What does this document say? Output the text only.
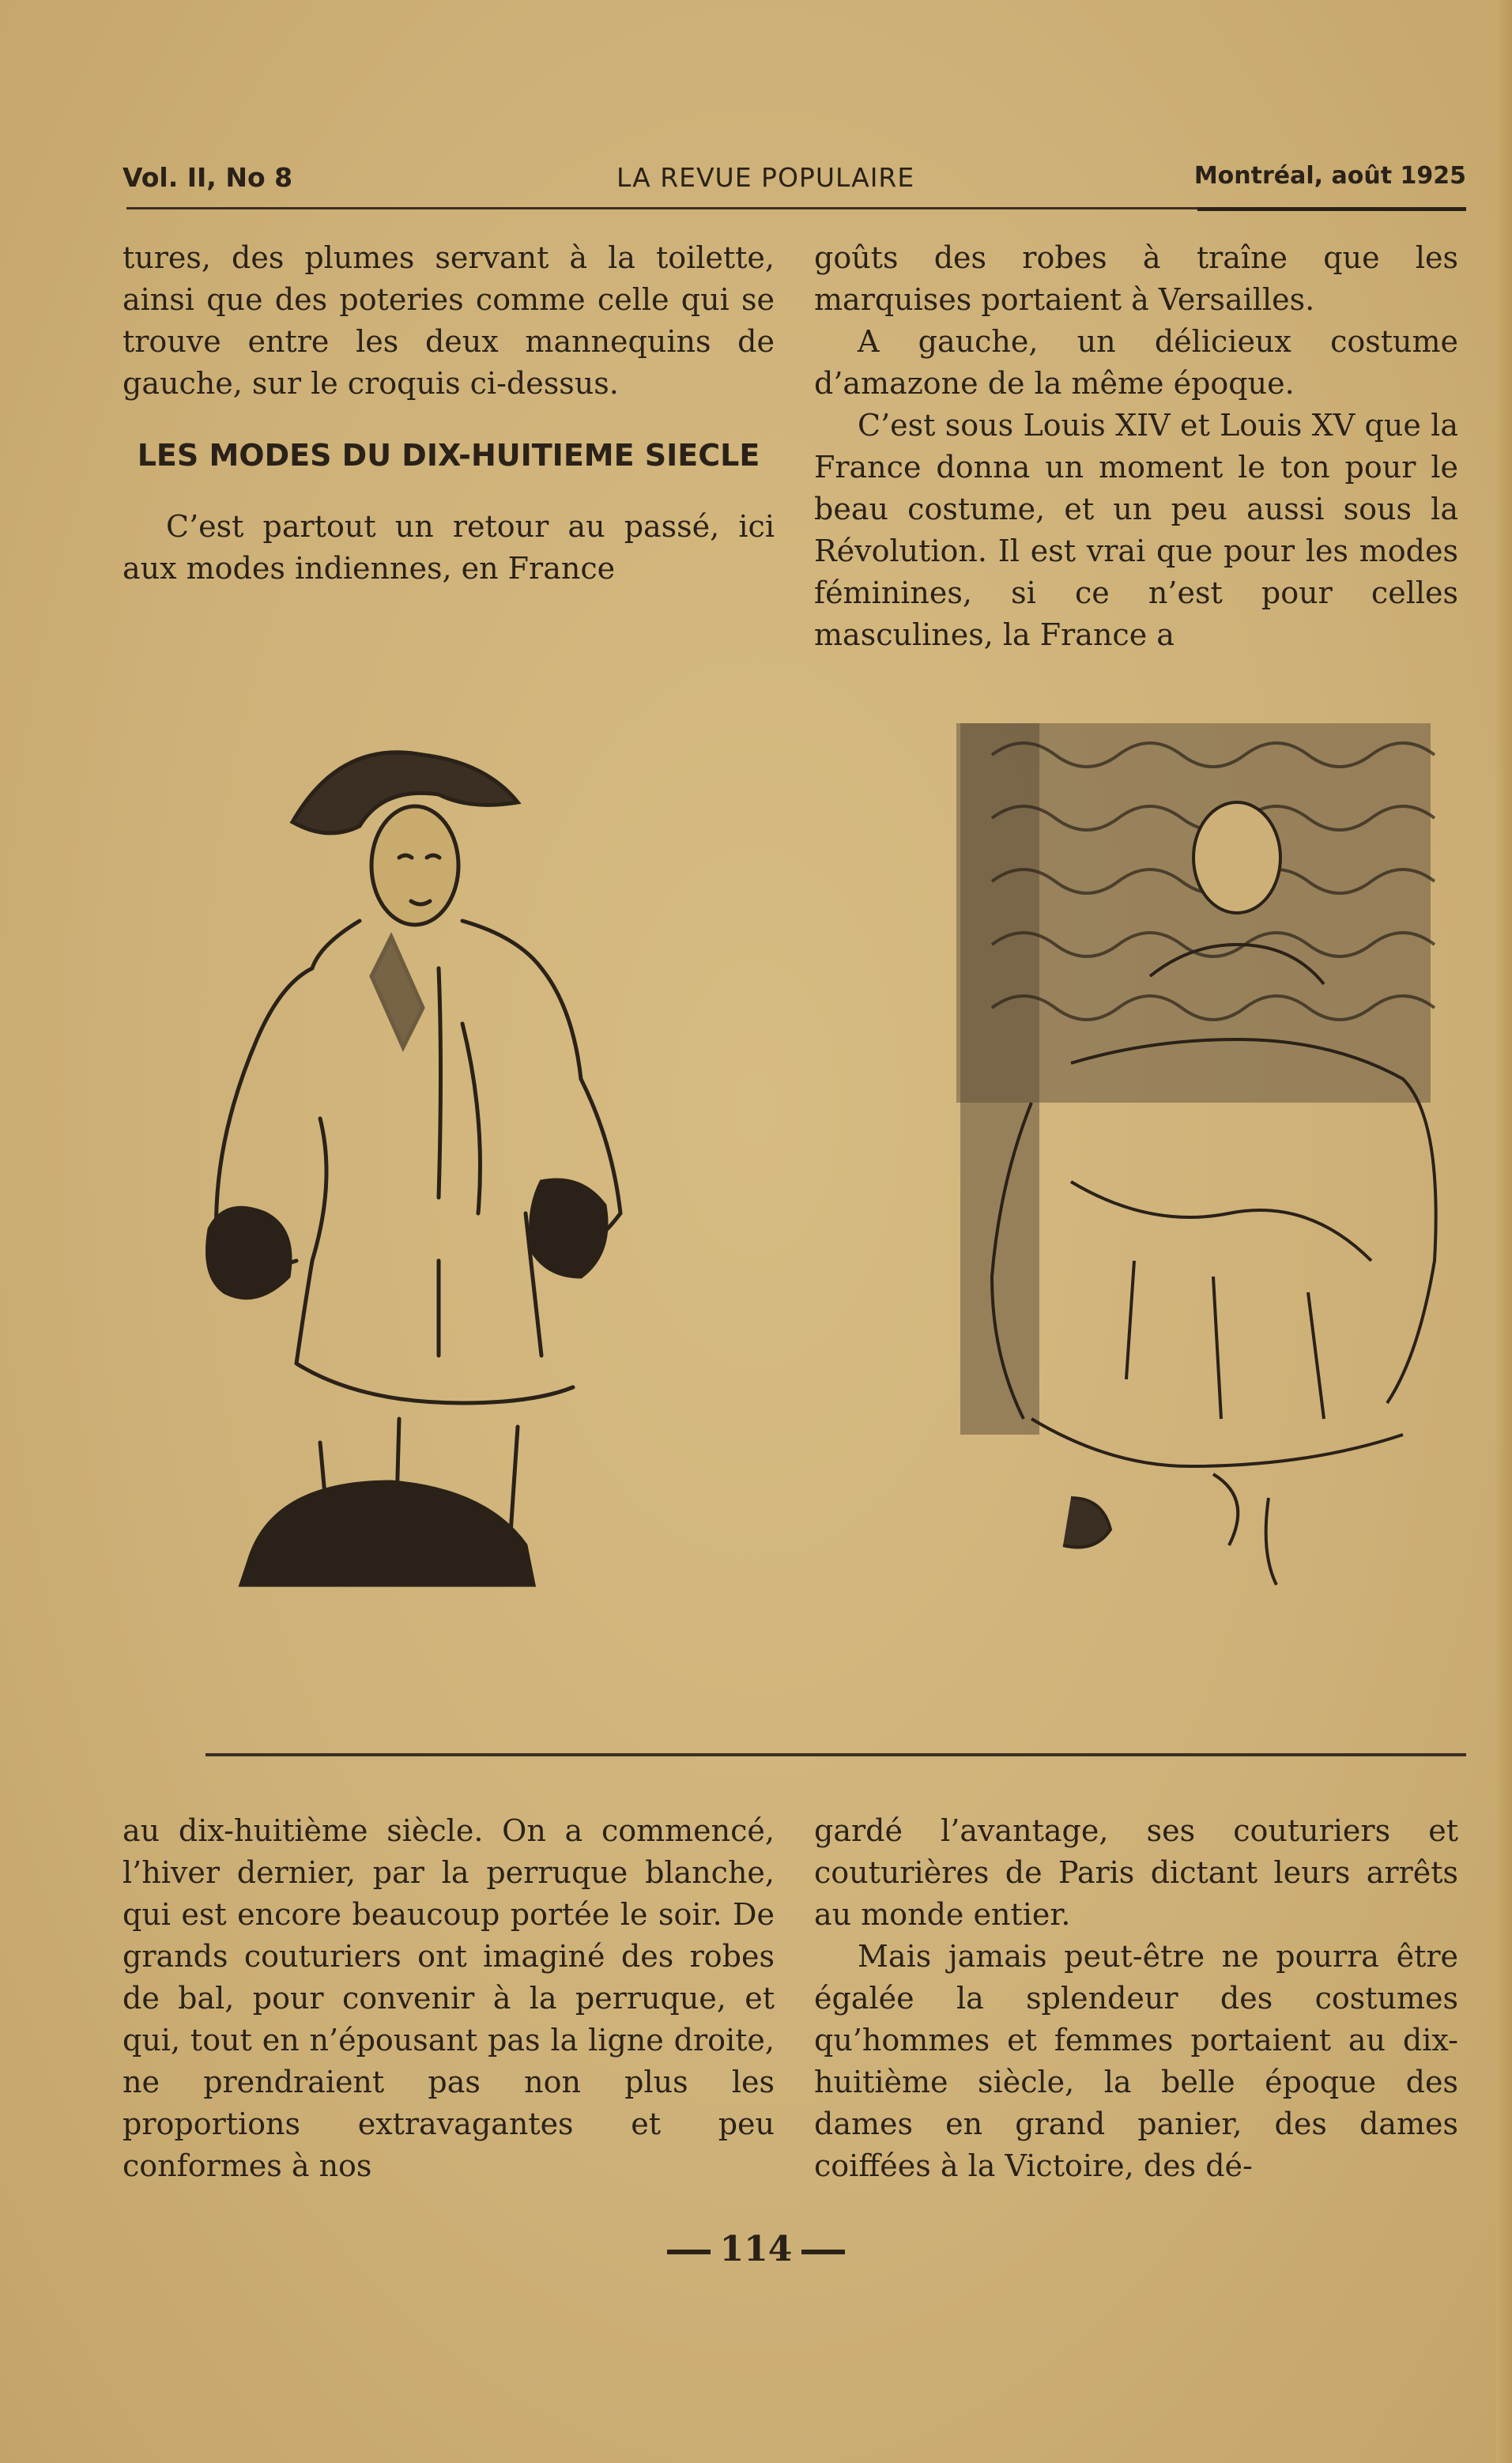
Vol. II, No 8	LA REVUE POPULAIRE	Montréal, août 1925

tures, des plumes servant à la toilette, ainsi que des poteries comme celle qui se trouve entre les deux mannequins de gauche, sur le croquis ci-dessus.

LES MODES DU DIX-HUITIEME SIECLE

C’est partout un retour au passé, ici aux modes indiennes, en France

goûts des robes à traîne que les marquises portaient à Versailles.

A gauche, un délicieux costume d’amazone de la même époque.

C’est sous Louis XIV et Louis XV que la France donna un moment le ton pour le beau costume, et un peu aussi sous la Révolution. Il est vrai que pour les modes féminines, si ce n’est pour celles masculines, la France a

au dix-huitième siècle. On a commencé, l’hiver dernier, par la perruque blanche, qui est encore beaucoup portée le soir. De grands couturiers ont imaginé des robes de bal, pour convenir à la perruque, et qui, tout en n’épousant pas la ligne droite, ne prendraient pas non plus les proportions extravagantes et peu conformes à nos

gardé l’avantage, ses couturiers et couturières de Paris dictant leurs arrêts au monde entier.

Mais jamais peut-être ne pourra être égalée la splendeur des costumes qu’hommes et femmes portaient au dix-huitième siècle, la belle époque des dames en grand panier, des dames coiffées à la Victoire, des dé-

114
